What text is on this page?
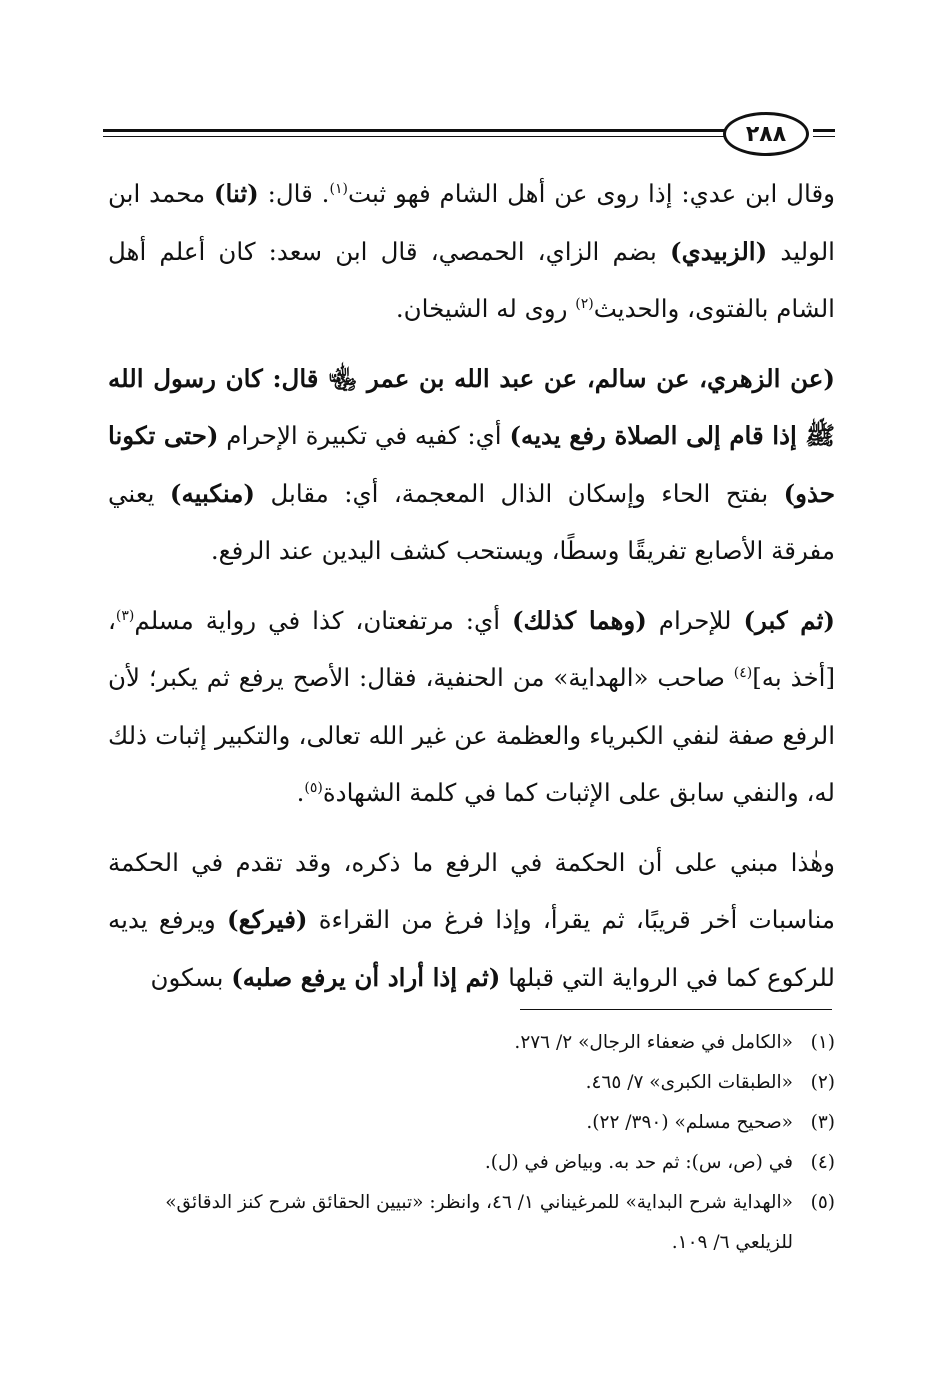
٢٨٨

وقال ابن عدي: إذا روى عن أهل الشام فهو ثبت$^{(١)}$. قال: (ثنا) محمد ابن الوليد (الزبيدي) بضم الزاي، الحمصي، قال ابن سعد: كان أعلم أهل الشام بالفتوى، والحديث$^{(٢)}$ روى له الشيخان.

(عن الزهري، عن سالم، عن عبد الله بن عمر ﵄ قال: كان رسول الله ﷺ إذا قام إلى الصلاة رفع يديه) أي: كفيه في تكبيرة الإحرام (حتى تكونا حذو) بفتح الحاء وإسكان الذال المعجمة، أي: مقابل (منكبيه) يعني مفرقة الأصابع تفريقًا وسطًا، ويستحب كشف اليدين عند الرفع.

(ثم كبر) للإحرام (وهما كذلك) أي: مرتفعتان، كذا في رواية مسلم$^{(٣)}$، [أخذ به]$^{(٤)}$ صاحب «الهداية» من الحنفية، فقال: الأصح يرفع ثم يكبر؛ لأن الرفع صفة لنفي الكبرياء والعظمة عن غير الله تعالى، والتكبير إثبات ذلك له، والنفي سابق على الإثبات كما في كلمة الشهادة$^{(٥)}$.

وهٰذا مبني على أن الحكمة في الرفع ما ذكره، وقد تقدم في الحكمة مناسبات أخر قريبًا، ثم يقرأ، وإذا فرغ من القراءة (فيركع) ويرفع يديه للركوع كما في الرواية التي قبلها (ثم إذا أراد أن يرفع صلبه) بسكون

(١)
«الكامل في ضعفاء الرجال» ٢/ ٢٧٦.
(٢)
«الطبقات الكبرى» ٧/ ٤٦٥.
(٣)
«صحيح مسلم» (٣٩٠/ ٢٢).
(٤)
في (ص، س): ثم حد به. وبياض في (ل).
(٥)
«الهداية شرح البداية» للمرغيناني ١/ ٤٦، وانظر: «تبيين الحقائق شرح كنز الدقائق» للزيلعي ٦/ ١٠٩.
